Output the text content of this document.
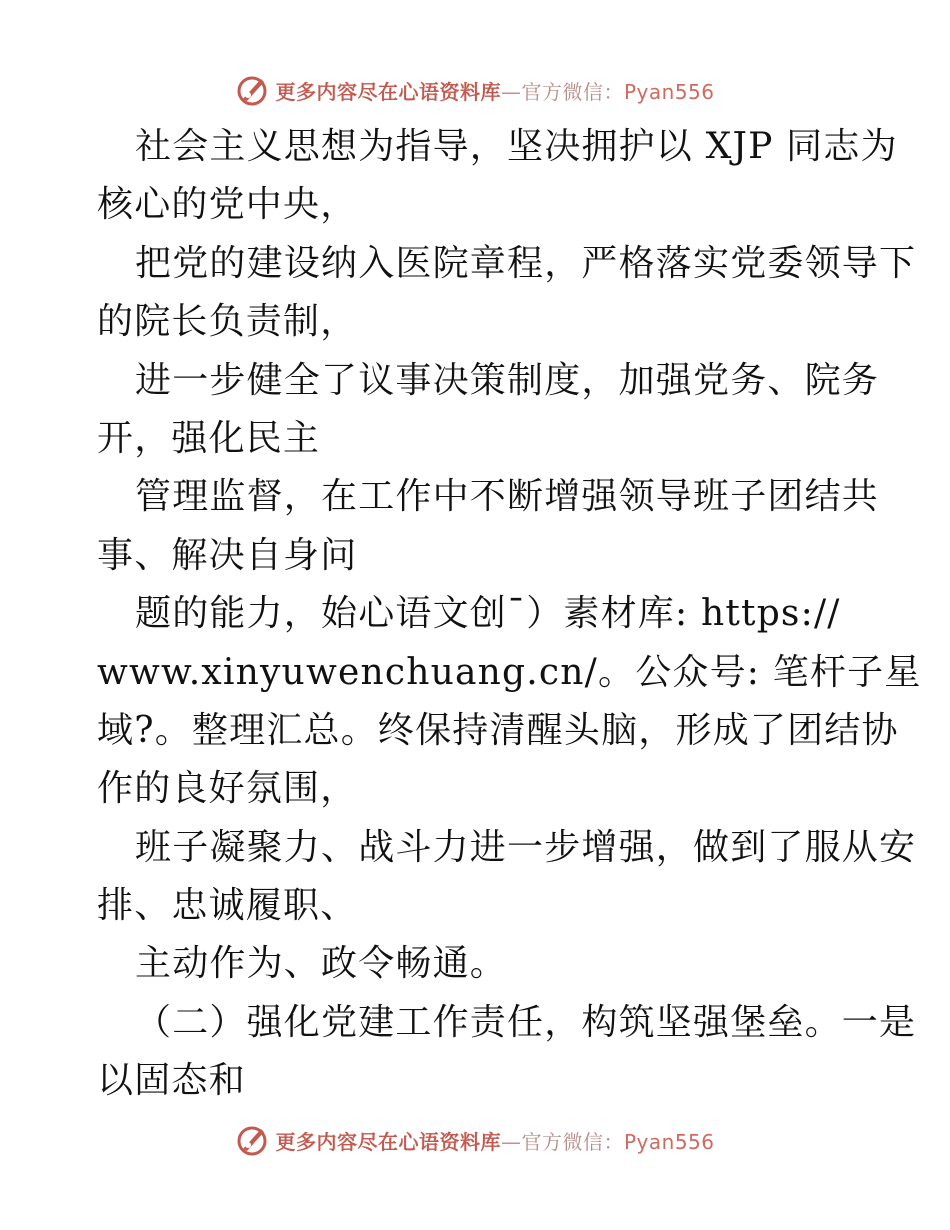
更多内容尽在心语资料库—官方微信：Pyan556
社会主义思想为指导，坚决拥护以 XJP 同志为
核心的党中央，
把党的建设纳入医院章程，严格落实党委领导下
的院长负责制，
进一步健全了议事决策制度，加强党务、院务
开，强化民主
管理监督，在工作中不断增强领导班子团结共
事、解决自身问
题的能力，始心语文创¯）素材库: https://
www.xinyuwenchuang.cn/。公众号: 笔杆子星
域?。整理汇总。终保持清醒头脑，形成了团结协
作的良好氛围，
班子凝聚力、战斗力进一步增强，做到了服从安
排、忠诚履职、
主动作为、政令畅通。
（二）强化党建工作责任，构筑坚强堡垒。一是
以固态和
更多内容尽在心语资料库—官方微信：Pyan556
